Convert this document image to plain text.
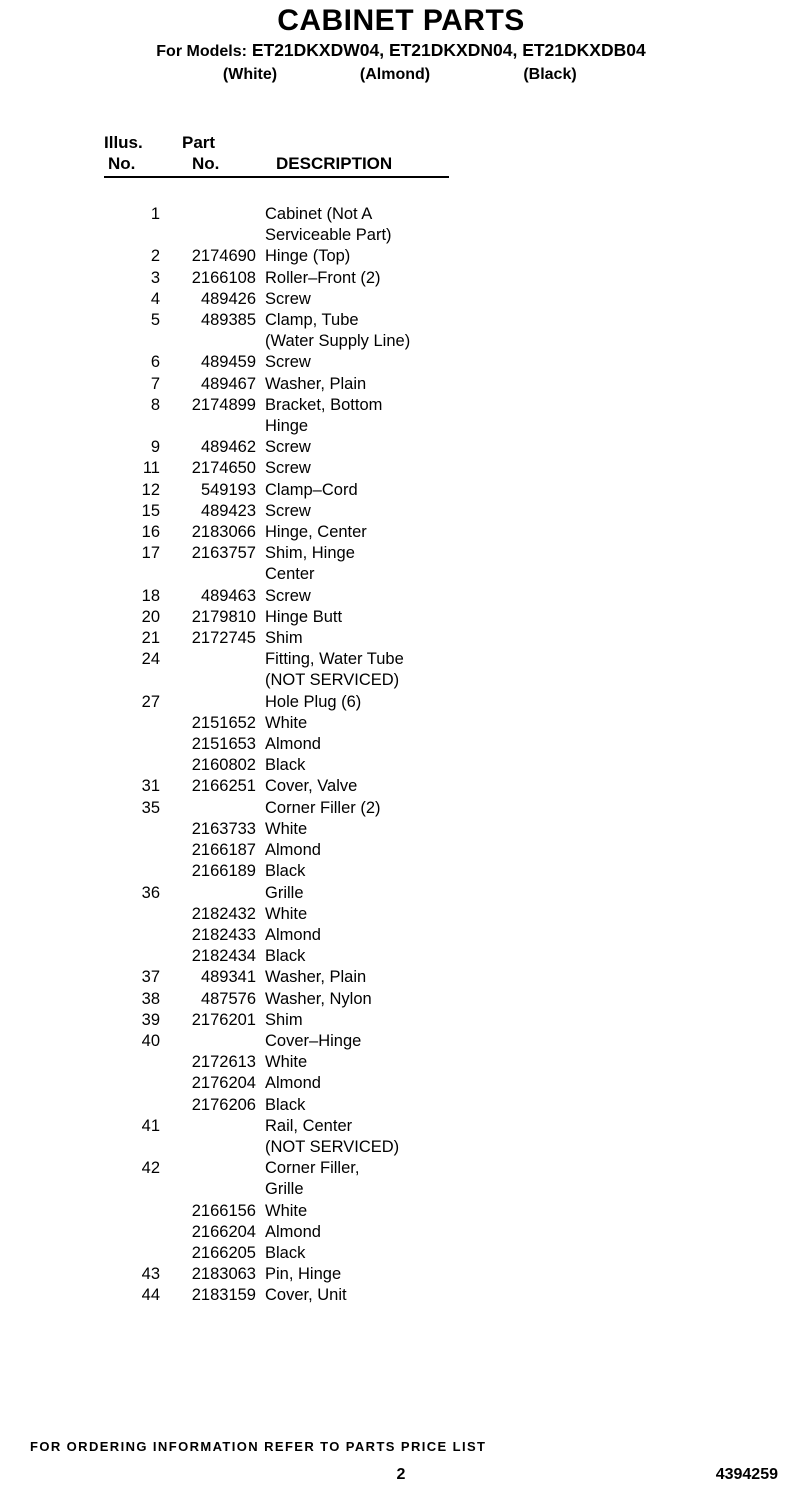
CABINET PARTS
For Models: ET21DKXDW04, ET21DKXDN04, ET21DKXDB04
(White)	(Almond)	(Black)
Illus.	Part
No.	No.	DESCRIPTION
1	Cabinet (Not A
Serviceable Part)
2	2174690 Hinge (Top)
3	2166108 Roller–Front (2)
4	489426 Screw
5	489385 Clamp, Tube
(Water Supply Line)
6	489459 Screw
7	489467 Washer, Plain
8	2174899 Bracket, Bottom
Hinge
9	489462 Screw
11	2174650 Screw
12	549193 Clamp–Cord
15	489423 Screw
16	2183066 Hinge, Center
17	2163757 Shim, Hinge
Center
18	489463 Screw
20	2179810 Hinge Butt
21	2172745 Shim
24	Fitting, Water Tube
(NOT SERVICED)
27	Hole Plug (6)
2151652 White
2151653 Almond
2160802 Black
31	2166251 Cover, Valve
35	Corner Filler (2)
2163733 White
2166187 Almond
2166189 Black
36	Grille
2182432 White
2182433 Almond
2182434 Black
37	489341 Washer, Plain
38	487576 Washer, Nylon
39	2176201 Shim
40	Cover–Hinge
2172613 White
2176204 Almond
2176206 Black
41	Rail, Center
(NOT SERVICED)
42	Corner Filler,
Grille
2166156 White
2166204 Almond
2166205 Black
43	2183063 Pin, Hinge
44	2183159 Cover, Unit
FOR ORDERING INFORMATION REFER TO PARTS PRICE LIST
2	4394259
